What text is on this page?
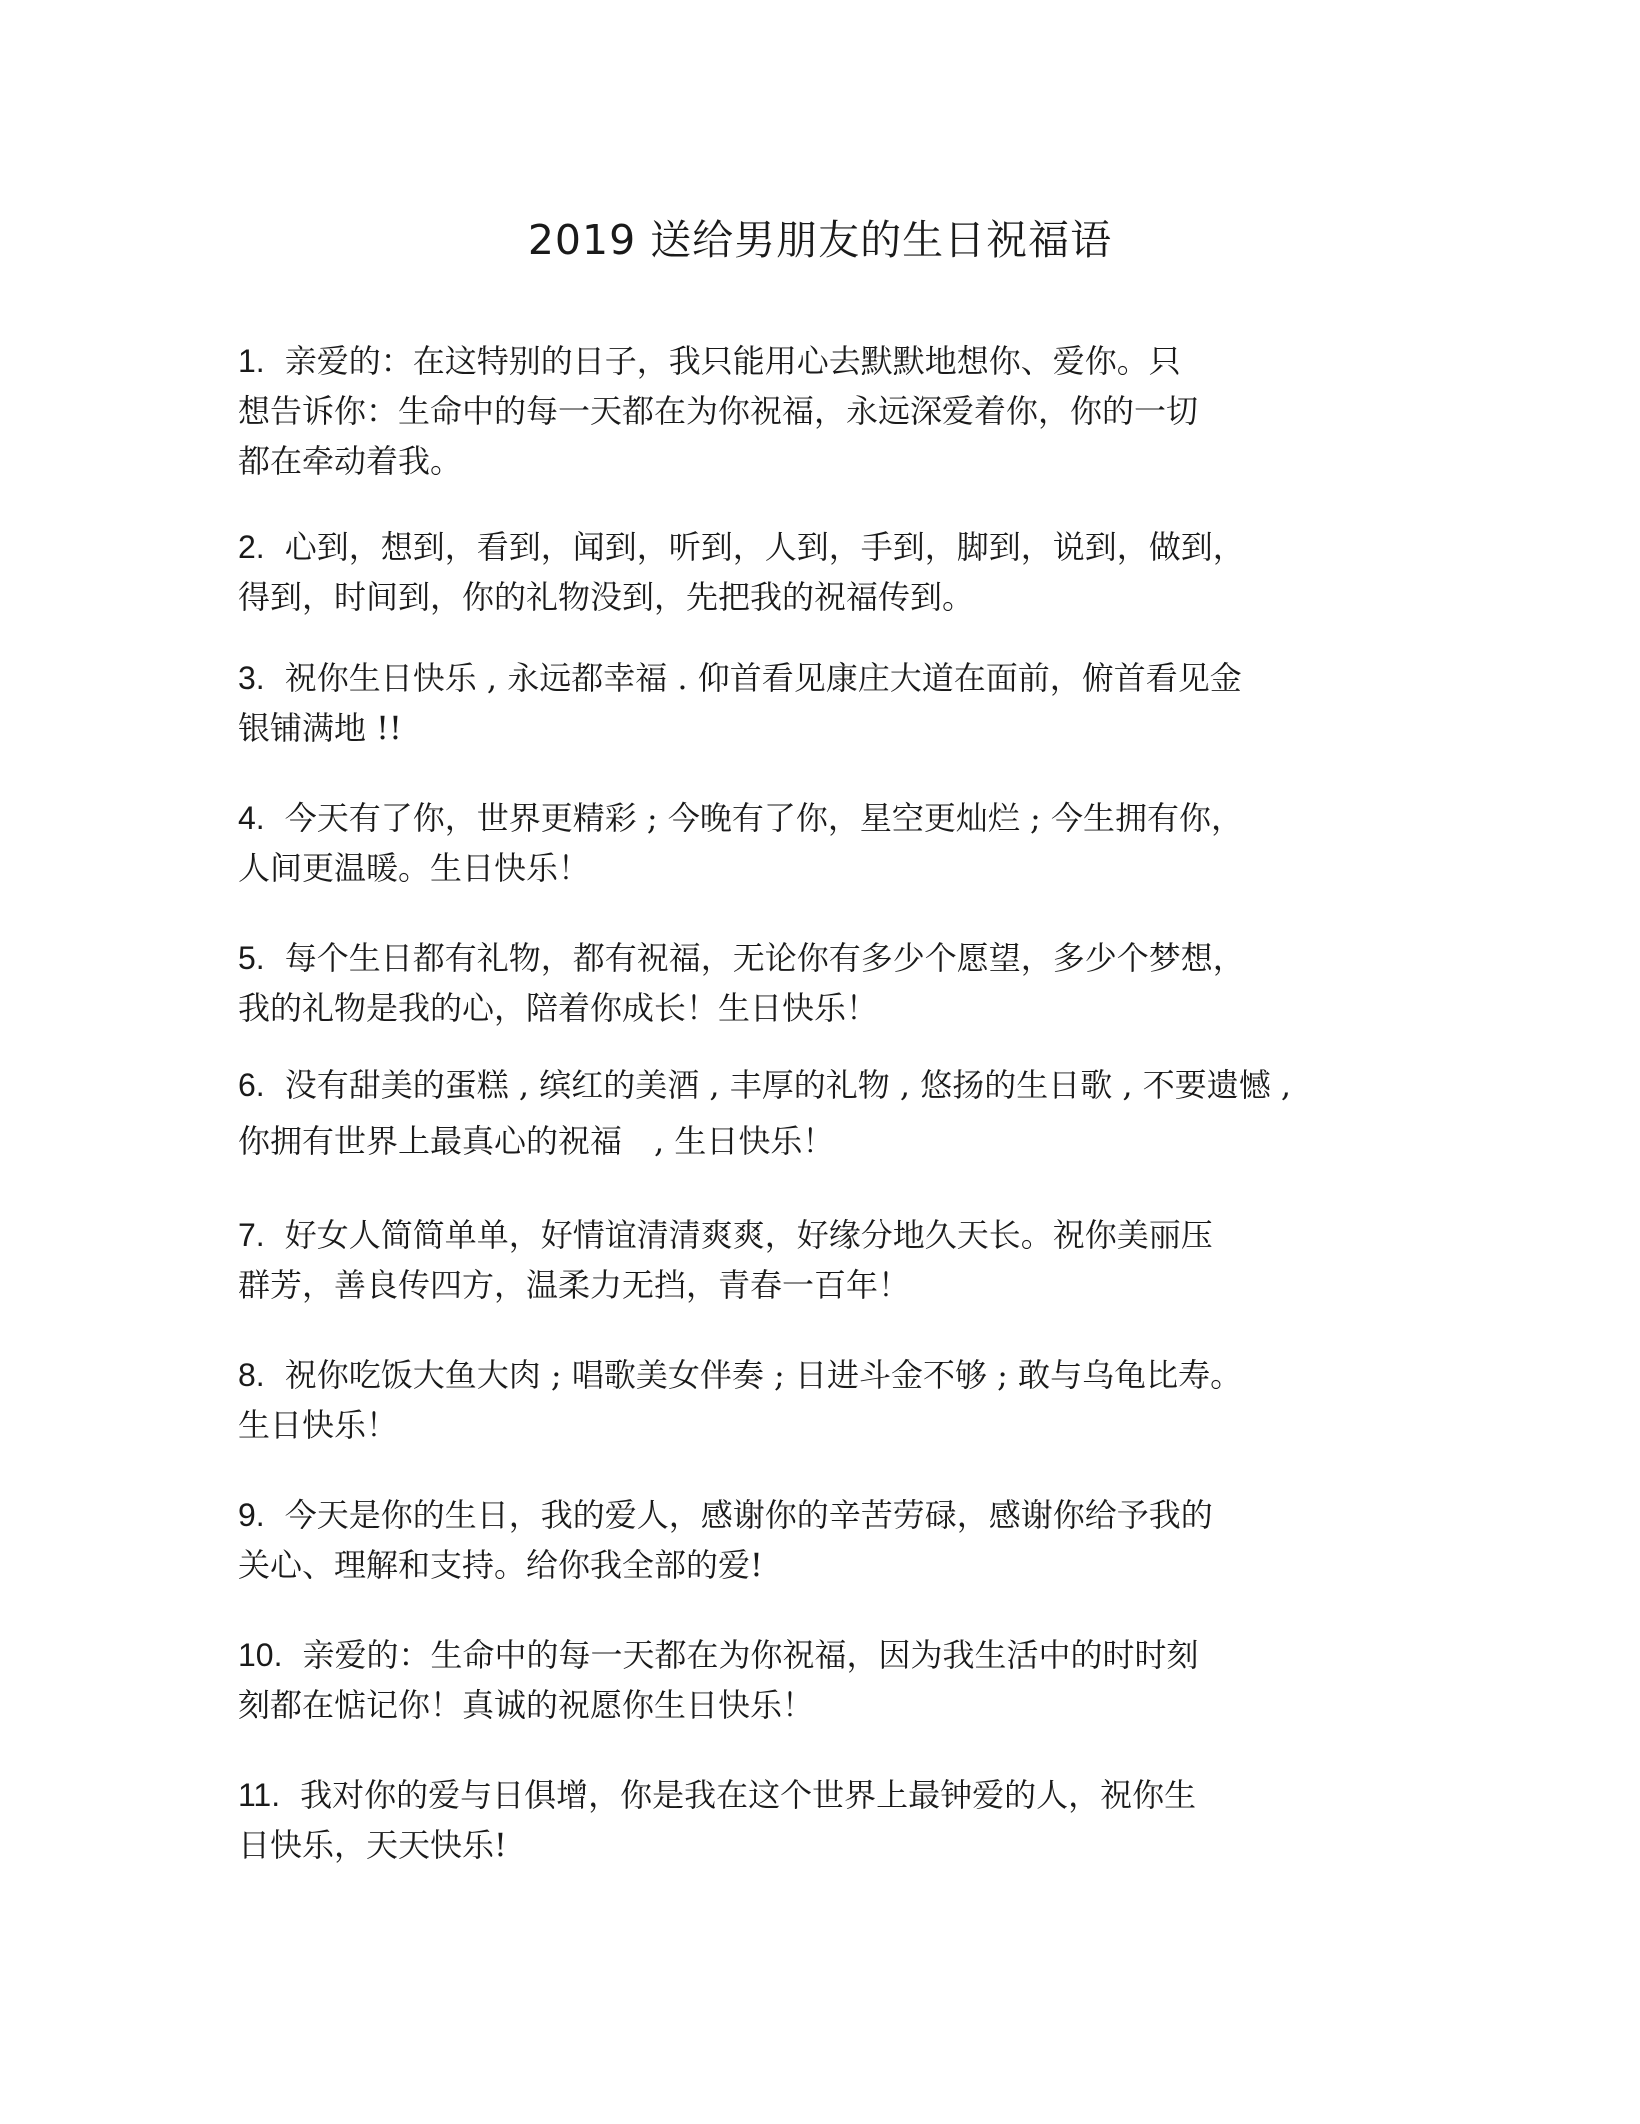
2019 送给男朋友的生日祝福语
1. 亲爱的：在这特别的日子，我只能用心去默默地想你、爱你。只
想告诉你：生命中的每一天都在为你祝福，永远深爱着你，你的一切
都在牵动着我。
2. 心到，想到，看到，闻到，听到，人到，手到，脚到，说到，做到，
得到，时间到，你的礼物没到，先把我的祝福传到。
3. 祝你生日快乐 , 永远都幸福 . 仰首看见康庄大道在面前，俯首看见金
银铺满地 !!
4. 今天有了你，世界更精彩 ; 今晚有了你，星空更灿烂 ; 今生拥有你，
人间更温暖。生日快乐！
5. 每个生日都有礼物，都有祝福，无论你有多少个愿望，多少个梦想，
我的礼物是我的心，陪着你成长！生日快乐！
6. 没有甜美的蛋糕 , 缤红的美酒 , 丰厚的礼物 , 悠扬的生日歌 , 不要遗憾 ,
你拥有世界上最真心的祝福　, 生日快乐！
7. 好女人简简单单，好情谊清清爽爽，好缘分地久天长。祝你美丽压
群芳，善良传四方，温柔力无挡，青春一百年！
8. 祝你吃饭大鱼大肉 ; 唱歌美女伴奏 ; 日进斗金不够 ; 敢与乌龟比寿。
生日快乐！
9. 今天是你的生日，我的爱人，感谢你的辛苦劳碌，感谢你给予我的
关心、理解和支持。给你我全部的爱!
10. 亲爱的：生命中的每一天都在为你祝福，因为我生活中的时时刻
刻都在惦记你！真诚的祝愿你生日快乐！
11. 我对你的爱与日俱增，你是我在这个世界上最钟爱的人，祝你生
日快乐，天天快乐!
